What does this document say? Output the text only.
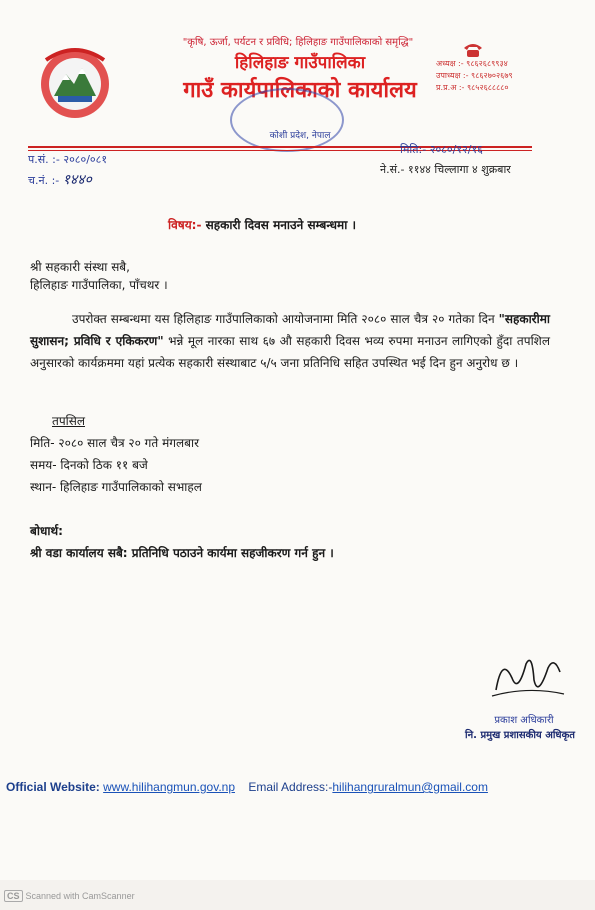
"कृषि, ऊर्जा, पर्यटन र प्रविधि; हिलिहाङ गाउँपालिकाको समृद्धि"
हिलिहाङ गाउँपालिका
गाउँ कार्यपालिकाको कार्यालय
कोशी प्रदेश, नेपाल
अध्यक्ष :- ९८६२६८९९३४
उपाध्यक्ष :- ९८६२७०२६७९
प्र.प्र.अ :- ९८५२६८८८८०
प.सं. :- २०८०/०८१
च.नं. :- १४४०
मिति:- २०८०/१२/१६
ने.सं.- ११४४ चिल्लागा ४ शुक्रबार
विषय:- सहकारी दिवस मनाउने सम्बन्धमा ।
श्री सहकारी संस्था सबै,
हिलिहाङ गाउँपालिका, पाँचथर ।
उपरोक्त सम्बन्धमा यस हिलिहाङ गाउँपालिकाको आयोजनामा मिति २०८० साल चैत्र २० गतेका दिन "सहकारीमा सुशासन; प्रविधि र एकिकरण" भन्ने मूल नारका साथ ६७ औ सहकारी दिवस भव्य रुपमा मनाउन लागिएको हुँदा तपशिल अनुसारको कार्यक्रममा यहां प्रत्येक सहकारी संस्थाबाट ५/५ जना प्रतिनिधि सहित उपस्थित भई दिन हुन अनुरोध छ ।
तपसिल
मिति- २०८० साल चैत्र २० गते मंगलबार
समय- दिनको ठिक ११ बजे
स्थान- हिलिहाङ गाउँपालिकाको सभाहल
बोधार्थ:
श्री वडा कार्यालय सबै: प्रतिनिधि पठाउने कार्यमा सहजीकरण गर्न हुन ।
प्रकाश अधिकारी
नि. प्रमुख प्रशासकीय अधिकृत
Official Website: www.hilihangmun.gov.np Email Address:-hilihangruralmun@gmail.com
CS Scanned with CamScanner
